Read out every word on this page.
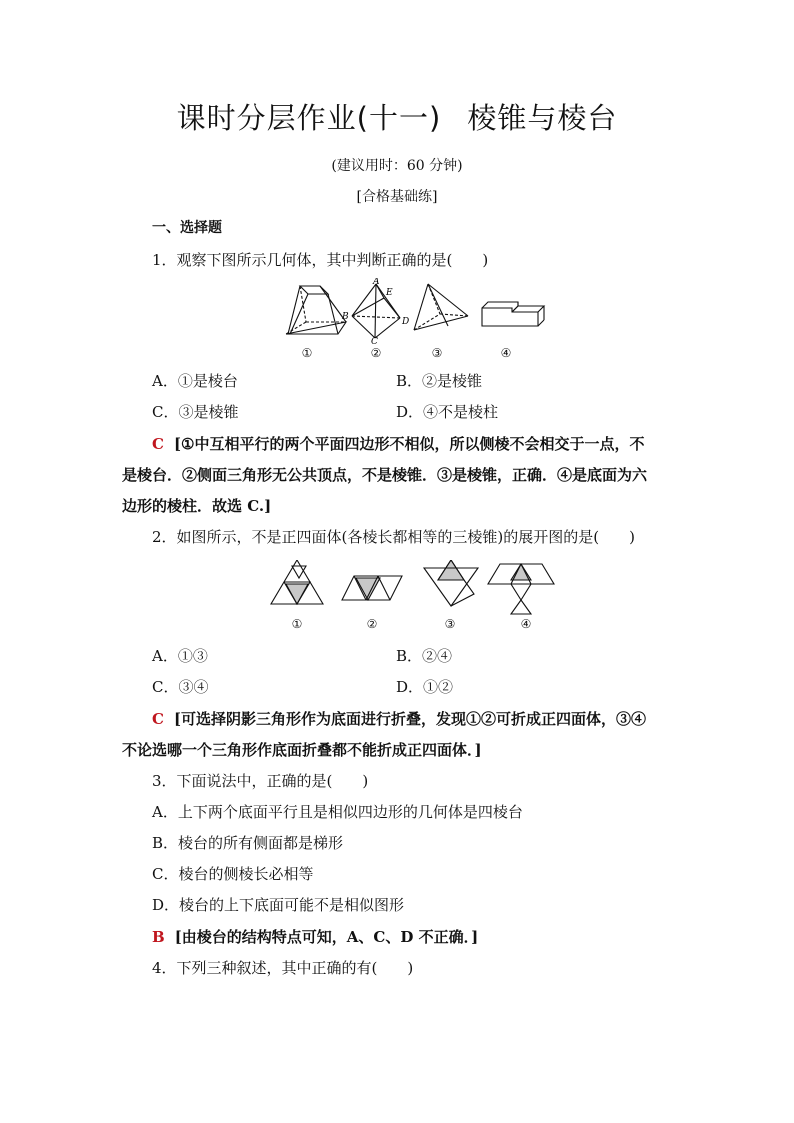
课时分层作业(十一) 棱锥与棱台
(建议用时：60 分钟)
[合格基础练]
一、选择题
1．观察下图所示几何体，其中判断正确的是(　　)
A
E
B	D
C
①	②	③	④
A．①是棱台	B．②是棱锥
C．③是棱锥	D．④不是棱柱
C [①中互相平行的两个平面四边形不相似，所以侧棱不会相交于一点，不
是棱台．②侧面三角形无公共顶点，不是棱锥．③是棱锥，正确．④是底面为六
边形的棱柱．故选 C.]
2．如图所示，不是正四面体(各棱长都相等的三棱锥)的展开图的是(　　)
①	②	③	④
A．①③	B．②④
C．③④	D．①②
C [可选择阴影三角形作为底面进行折叠，发现①②可折成正四面体，③④
不论选哪一个三角形作底面折叠都不能折成正四面体．]
3．下面说法中，正确的是(　　)
A．上下两个底面平行且是相似四边形的几何体是四棱台
B．棱台的所有侧面都是梯形
C．棱台的侧棱长必相等
D．棱台的上下底面可能不是相似图形
B [由棱台的结构特点可知，A、C、D 不正确．]
4．下列三种叙述，其中正确的有(　　)
